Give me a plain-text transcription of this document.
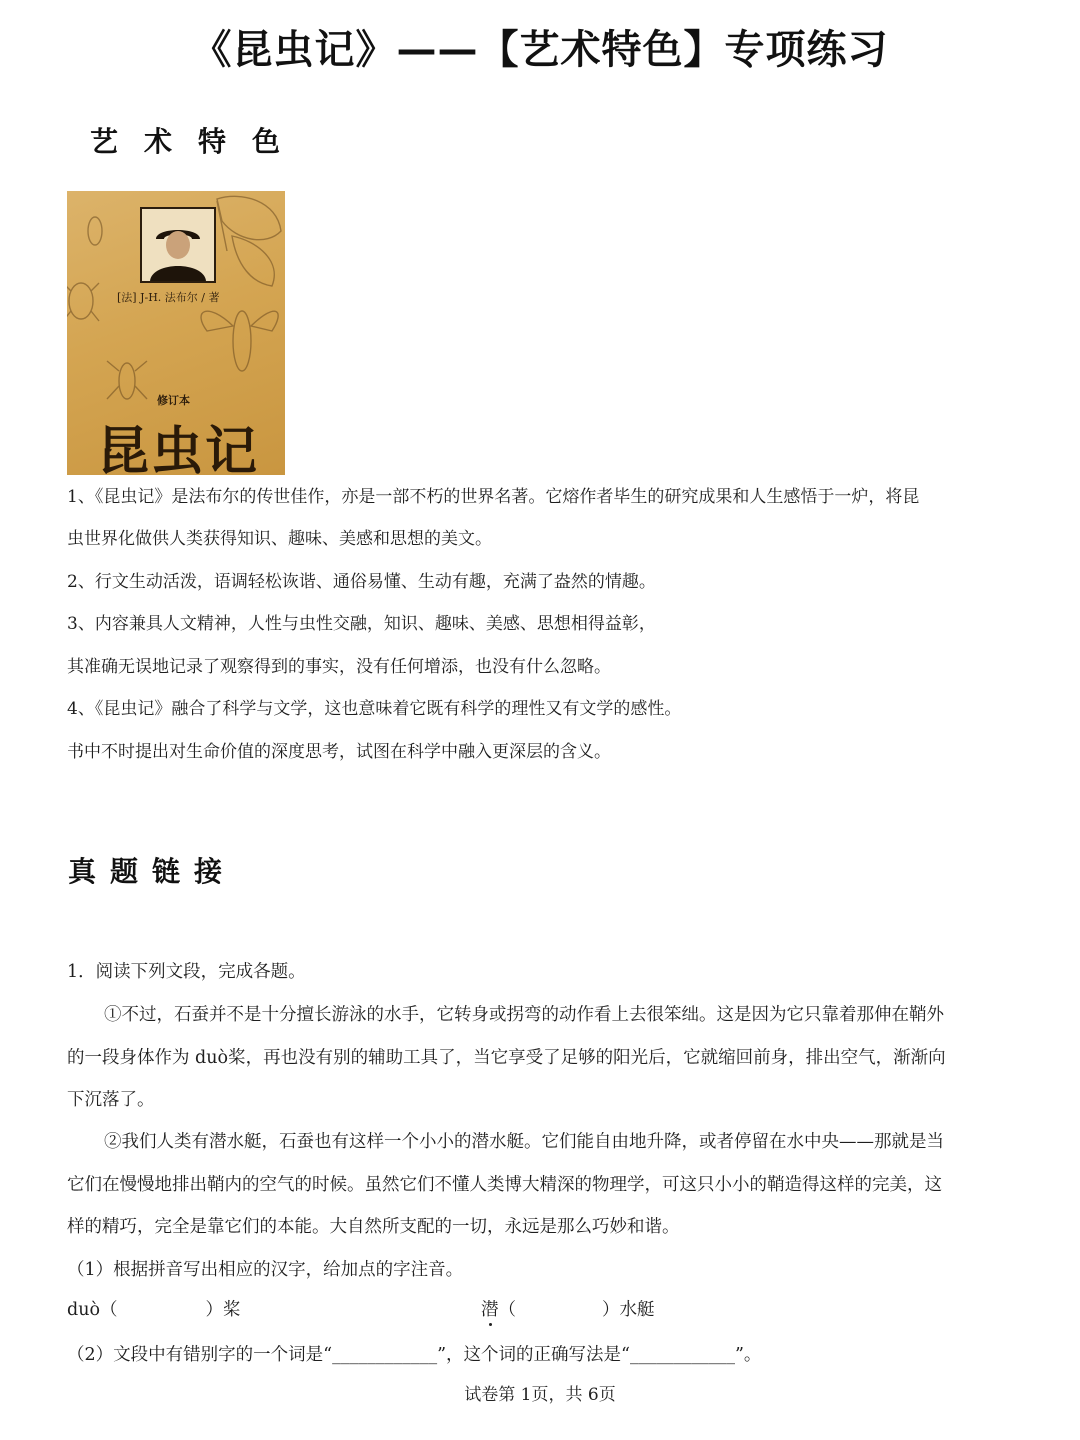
《昆虫记》——【艺术特色】专项练习
艺术特色
[法] J-H. 法布尔 / 著
修订本
昆虫记
1、《昆虫记》是法布尔的传世佳作，亦是一部不朽的世界名著。它熔作者毕生的研究成果和人生感悟于一炉，将昆
虫世界化做供人类获得知识、趣味、美感和思想的美文。
2、行文生动活泼，语调轻松诙谐、通俗易懂、生动有趣，充满了盎然的情趣。
3、内容兼具人文精神，人性与虫性交融，知识、趣味、美感、思想相得益彰，
其准确无误地记录了观察得到的事实，没有任何增添，也没有什么忽略。
4、《昆虫记》融合了科学与文学，这也意味着它既有科学的理性又有文学的感性。
书中不时提出对生命价值的深度思考，试图在科学中融入更深层的含义。
真题链接
1．阅读下列文段，完成各题。
①不过，石蚕并不是十分擅长游泳的水手，它转身或拐弯的动作看上去很笨绌。这是因为它只靠着那伸在鞘外
的一段身体作为 duò桨，再也没有别的辅助工具了，当它享受了足够的阳光后，它就缩回前身，排出空气，渐渐向
下沉落了。
②我们人类有潜水艇，石蚕也有这样一个小小的潜水艇。它们能自由地升降，或者停留在水中央——那就是当
它们在慢慢地排出鞘内的空气的时候。虽然它们不懂人类博大精深的物理学，可这只小小的鞘造得这样的完美，这
样的精巧，完全是靠它们的本能。大自然所支配的一切，永远是那么巧妙和谐。
（1）根据拼音写出相应的汉字，给加点的字注音。
duò（	）桨	潜（	）水艇
（2）文段中有错别字的一个词是“____________”，这个词的正确写法是“____________”。
试卷第 1页，共 6页
